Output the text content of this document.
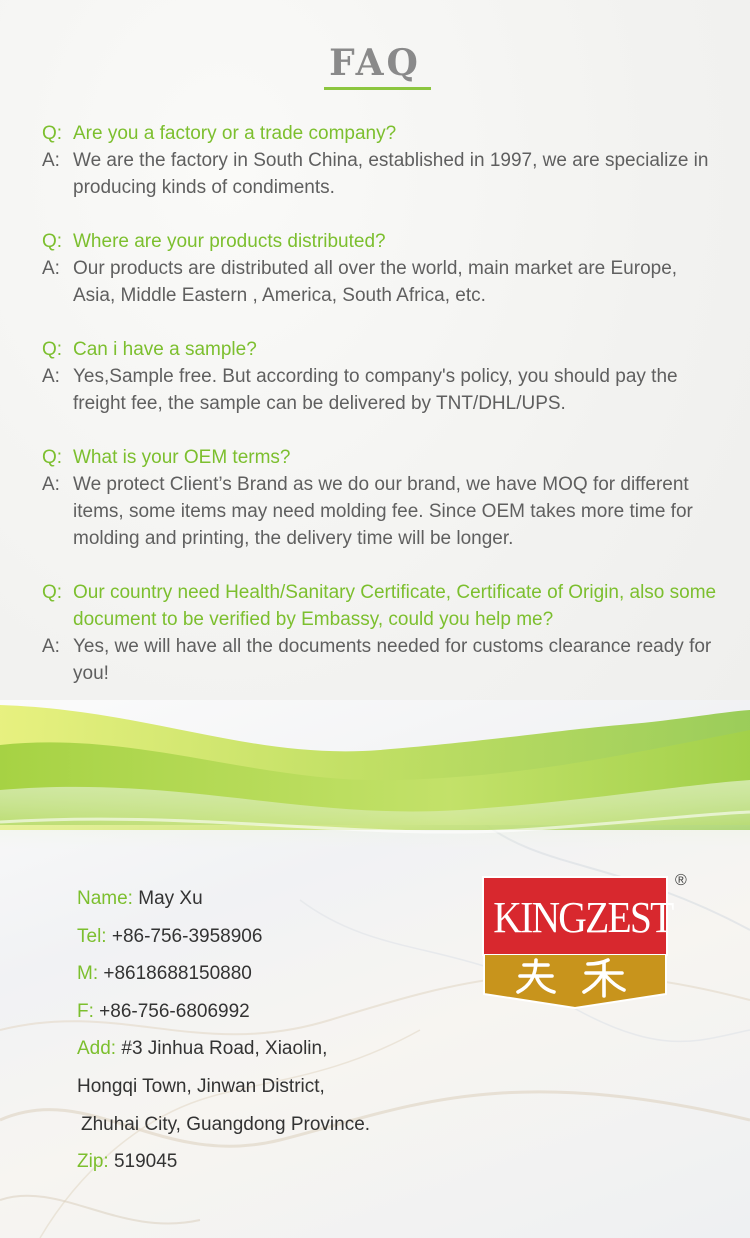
FAQ
Q: Are you a factory or a trade company?
A: We are the factory in South China, established in 1997, we are specialize in producing kinds of condiments.
Q: Where are your products distributed?
A: Our products are distributed all over the world, main market are Europe, Asia, Middle Eastern , America, South Africa, etc.
Q: Can i have a sample?
A: Yes,Sample free. But according to company's policy, you should pay the freight fee, the sample can be delivered by TNT/DHL/UPS.
Q: What is your OEM terms?
A: We protect Client’s Brand as we do our brand, we have MOQ for different items, some items may need molding fee. Since OEM takes more time for molding and printing, the delivery time will be longer.
Q: Our country need Health/Sanitary Certificate, Certificate of Origin, also some document to be verified by Embassy, could you help me?
A: Yes, we will have all the documents needed for customs clearance ready for you!
Name: May Xu
Tel: +86-756-3958906
M: +8618688150880
F: +86-756-6806992
Add: #3 Jinhua Road, Xiaolin,
Hongqi Town, Jinwan District,
Zhuhai City, Guangdong Province.
Zip: 519045
KINGZEST
®
